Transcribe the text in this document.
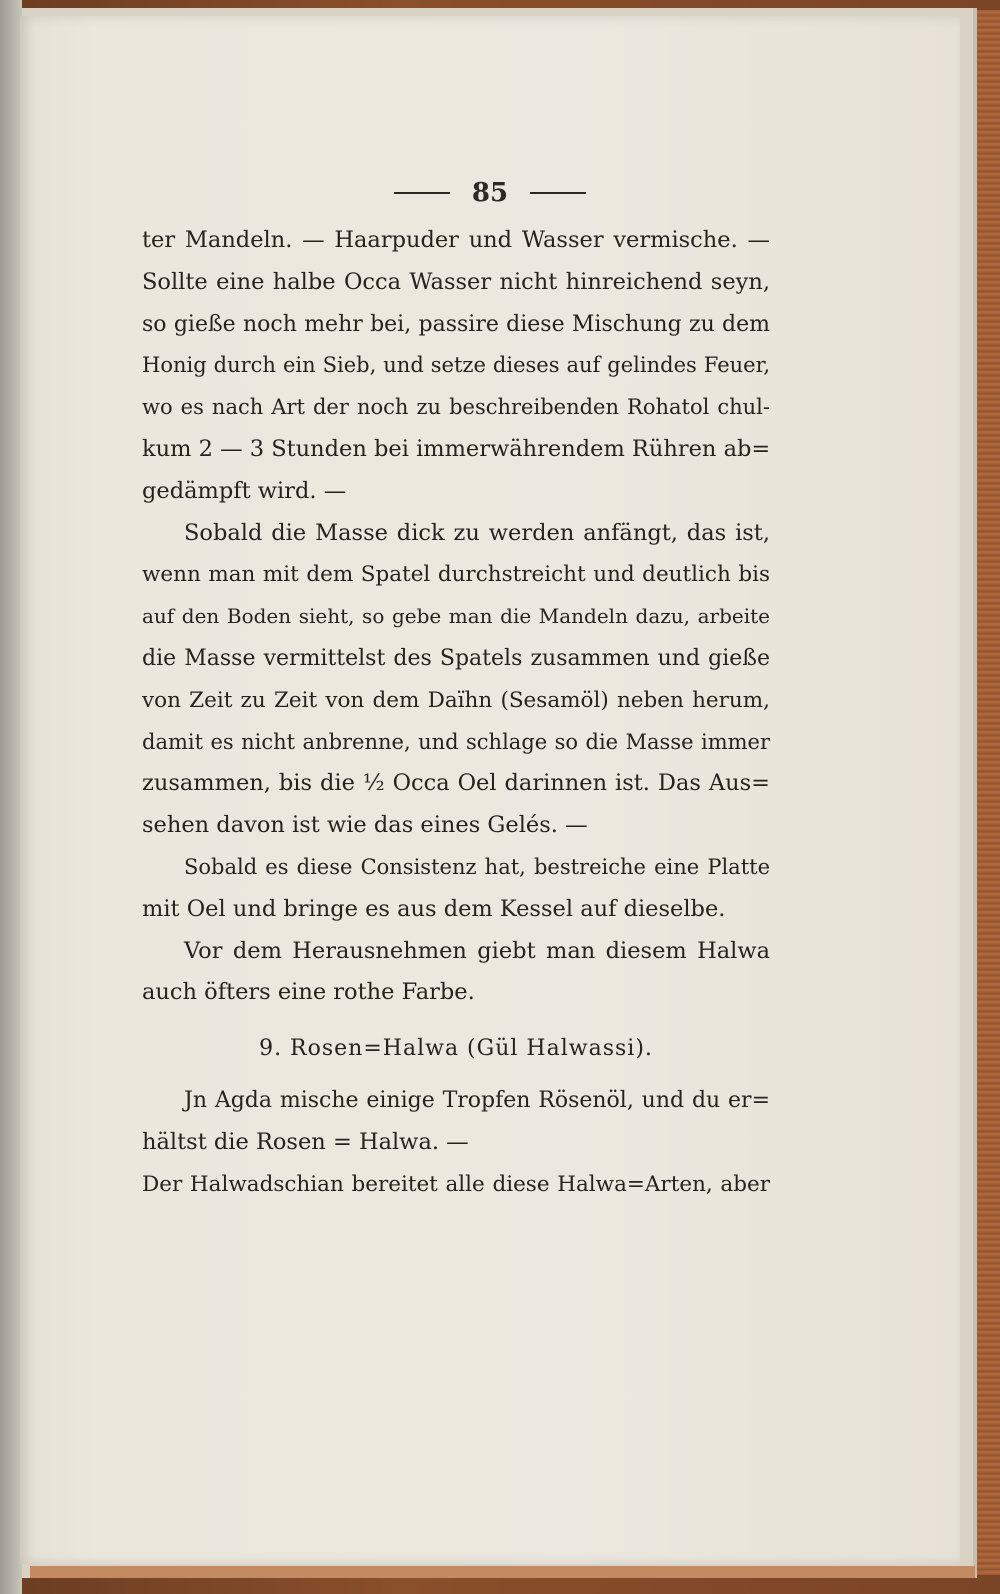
85
ter Mandeln. — Haarpuder und Wasser vermische. —
Sollte eine halbe Occa Wasser nicht hinreichend seyn,
so gieße noch mehr bei, passire diese Mischung zu dem
Honig durch ein Sieb, und setze dieses auf gelindes Feuer,
wo es nach Art der noch zu beschreibenden Rohatol chul-
kum 2 — 3 Stunden bei immerwährendem Rühren ab=
gedämpft wird. —
Sobald die Masse dick zu werden anfängt, das ist,
wenn man mit dem Spatel durchstreicht und deutlich bis
auf den Boden sieht, so gebe man die Mandeln dazu, arbeite
die Masse vermittelst des Spatels zusammen und gieße
von Zeit zu Zeit von dem Daïhn (Sesamöl) neben herum,
damit es nicht anbrenne, und schlage so die Masse immer
zusammen, bis die ½ Occa Oel darinnen ist. Das Aus=
sehen davon ist wie das eines Gelés. —
Sobald es diese Consistenz hat, bestreiche eine Platte
mit Oel und bringe es aus dem Kessel auf dieselbe.
Vor dem Herausnehmen giebt man diesem Halwa
auch öfters eine rothe Farbe.
9. Rosen=Halwa (Gül Halwassi).
Jn Agda mische einige Tropfen Rösenöl, und du er=
hältst die Rosen = Halwa. —
Der Halwadschian bereitet alle diese Halwa=Arten, aber
